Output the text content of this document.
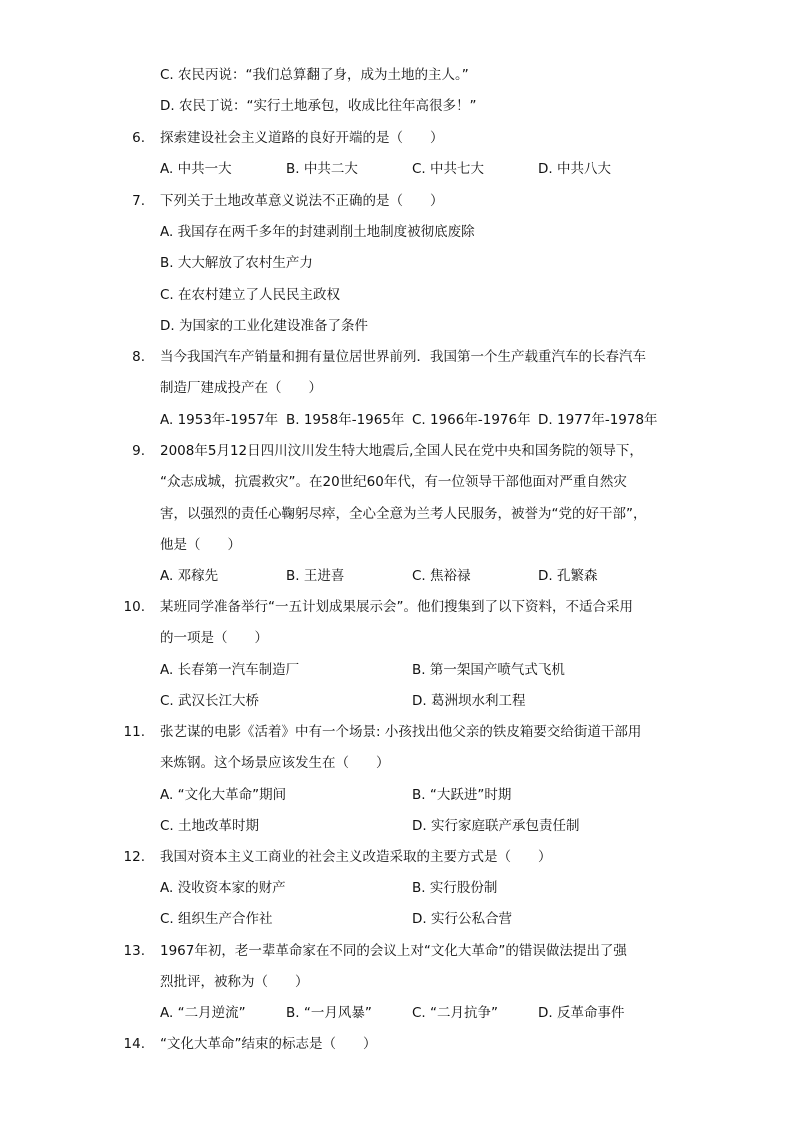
C. 农民丙说：“我们总算翻了身，成为土地的主人。”
D. 农民丁说：“实行土地承包，收成比往年高很多！”
6. 探索建设社会主义道路的良好开端的是（　　）
A. 中共一大	B. 中共二大	C. 中共七大	D. 中共八大
7. 下列关于土地改革意义说法不正确的是（　　）
A. 我国存在两千多年的封建剥削土地制度被彻底废除
B. 大大解放了农村生产力
C. 在农村建立了人民民主政权
D. 为国家的工业化建设准备了条件
8. 当今我国汽车产销量和拥有量位居世界前列．我国第一个生产载重汽车的长春汽车
制造厂建成投产在（　　）
A. 1953年-1957年 B. 1958年-1965年 C. 1966年-1976年 D. 1977年-1978年
9. 2008年5月12日四川汶川发生特大地震后,全国人民在党中央和国务院的领导下，
“众志成城，抗震救灾”。在20世纪60年代，有一位领导干部他面对严重自然灾
害，以强烈的责任心鞠躬尽瘁，全心全意为兰考人民服务，被誉为“党的好干部”，
他是（　　）
A. 邓稼先	B. 王进喜	C. 焦裕禄	D. 孔繁森
10. 某班同学准备举行“一五计划成果展示会”。他们搜集到了以下资料，不适合采用
的一项是（　　）
A. 长春第一汽车制造厂	B. 第一架国产喷气式飞机
C. 武汉长江大桥	D. 葛洲坝水利工程
11. 张艺谋的电影《活着》中有一个场景: 小孩找出他父亲的铁皮箱要交给街道干部用
来炼钢。这个场景应该发生在（　　）
A. “文化大革命”期间	B. “大跃进”时期
C. 土地改革时期	D. 实行家庭联产承包责任制
12. 我国对资本主义工商业的社会主义改造采取的主要方式是（　　）
A. 没收资本家的财产	B. 实行股份制
C. 组织生产合作社	D. 实行公私合营
13. 1967年初，老一辈革命家在不同的会议上对“文化大革命”的错误做法提出了强
烈批评，被称为（　　）
A. “二月逆流”	B. “一月风暴”	C. “二月抗争”	D. 反革命事件
14. “文化大革命”结束的标志是（　　）
